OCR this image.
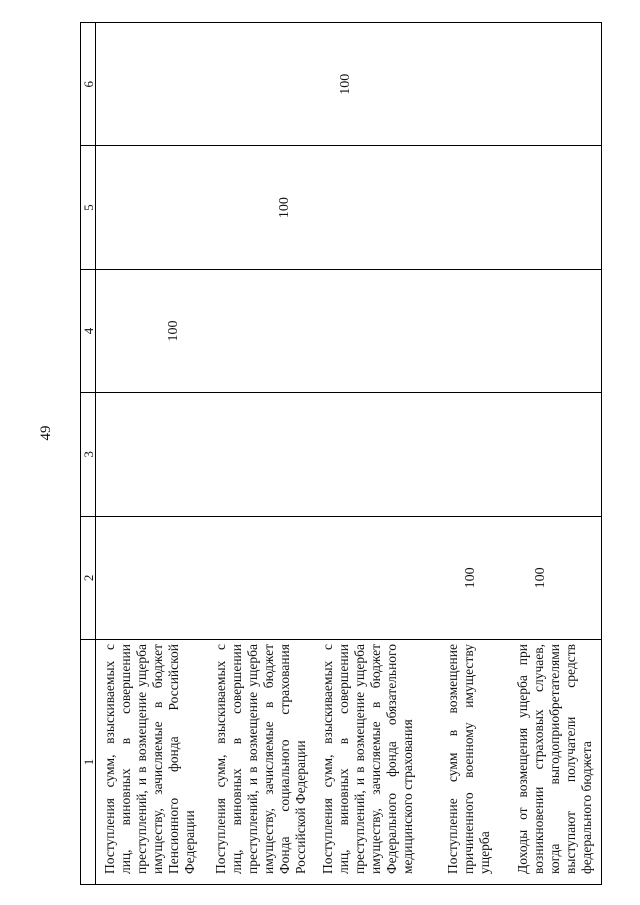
49
1	2	3	4	5	6
Поступления сумм, взыскиваемых с лиц, виновных в совершении преступлений, и в возмещение ущерба имуществу, зачисляемые в бюджет Пенсионного фонда Российской Федерации			100		
Поступления сумм, взыскиваемых с лиц, виновных в совершении преступлений, и в возмещение ущерба имуществу, зачисляемые в бюджет Фонда социального страхования Российской Федерации				100	
Поступления сумм, взыскиваемых с лиц, виновных в совершении преступлений, и в возмещение ущерба имуществу, зачисляемые в бюджет Федерального фонда обязательного медицинского страхования					100
Поступление сумм в возмещение причиненного военному имуществу ущерба	100				
Доходы от возмещения ущерба при возникновении страховых случаев, когда выгодоприобретателями выступают получатели средств федерального бюджета	100				
